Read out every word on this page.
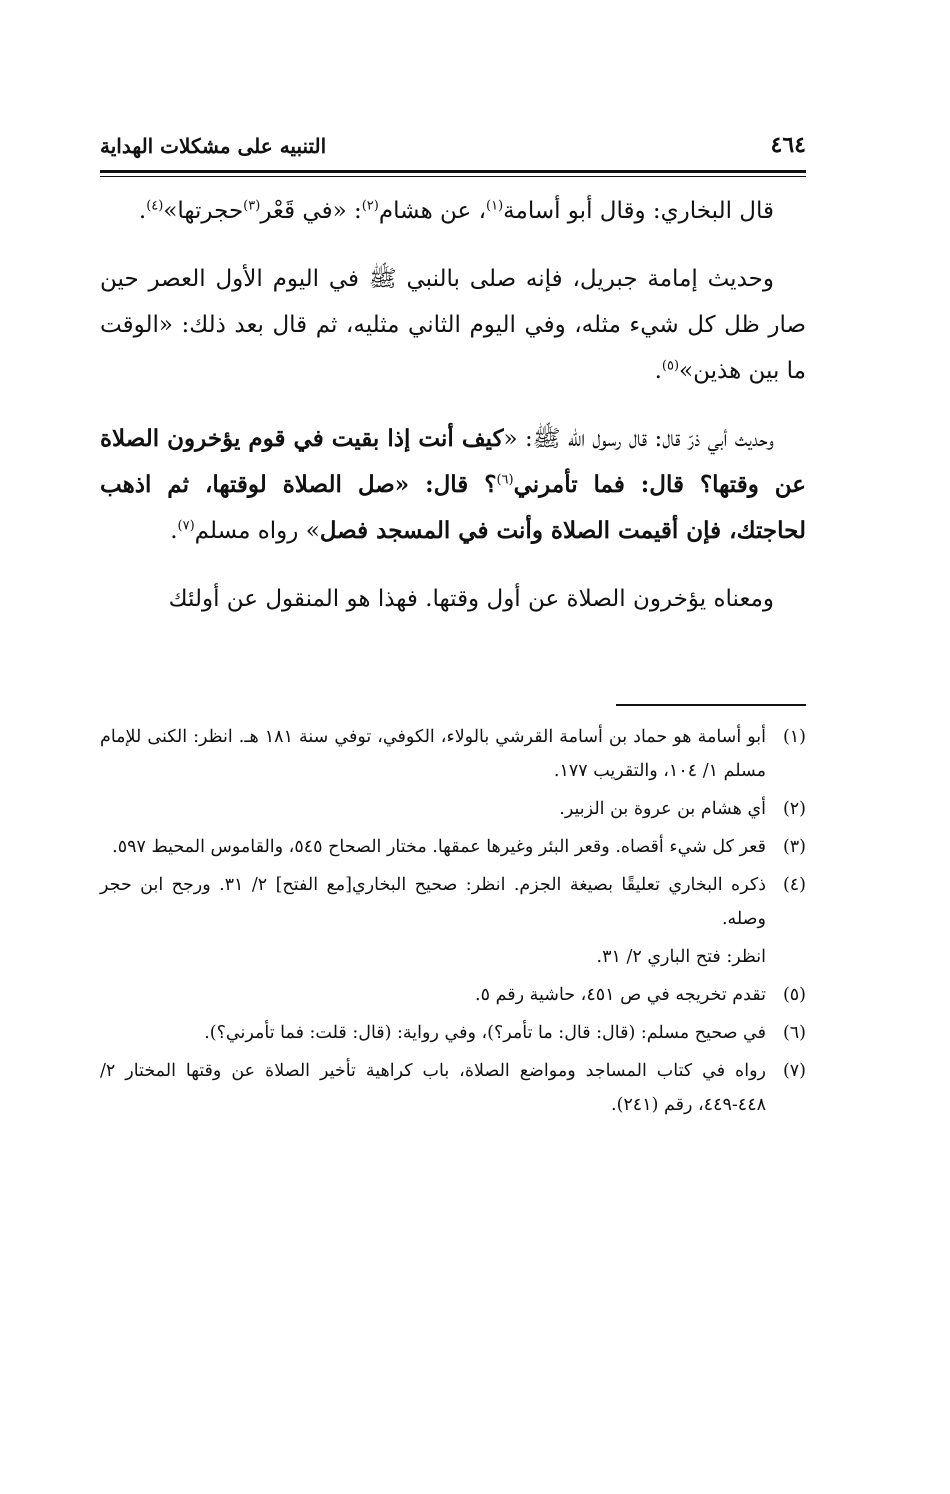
٤٦٤
التنبيه على مشكلات الهداية

قال البخاري: وقال أبو أسامة$^{(١)}$، عن هشام$^{(٢)}$: «في قَعْر$^{(٣)}$حجرتها»$^{(٤)}$.

وحديث إمامة جبريل، فإنه صلى بالنبي ﷺ في اليوم الأول العصر حين صار ظل كل شيء مثله، وفي اليوم الثاني مثليه، ثم قال بعد ذلك: «الوقت ما بين هذين»$^{(٥)}$.

وحديث أبي ذرّ قال: قال رسول الله ﷺ: «كيف أنت إذا بقيت في قوم يؤخرون الصلاة عن وقتها؟ قال: فما تأمرني$^{(٦)}$؟ قال: «صل الصلاة لوقتها، ثم اذهب لحاجتك، فإن أقيمت الصلاة وأنت في المسجد فصل» رواه مسلم$^{(٧)}$.

ومعناه يؤخرون الصلاة عن أول وقتها. فهذا هو المنقول عن أولئك

(١)
أبو أسامة هو حماد بن أسامة القرشي بالولاء، الكوفي، توفي سنة ١٨١ هـ. انظر: الكنى للإمام مسلم ١/ ١٠٤، والتقريب ١٧٧.
(٢)
أي هشام بن عروة بن الزبير.
(٣)
قعر كل شيء أقصاه. وقعر البئر وغيرها عمقها. مختار الصحاح ٥٤٥، والقاموس المحيط ٥٩٧.
(٤)
ذكره البخاري تعليقًا بصيغة الجزم. انظر: صحيح البخاري[مع الفتح] ٢/ ٣١. ورجح ابن حجر وصله.
انظر: فتح الباري ٢/ ٣١.
(٥)
تقدم تخريجه في ص ٤٥١، حاشية رقم ٥.
(٦)
في صحيح مسلم: (قال: قال: ما تأمر؟)، وفي رواية: (قال: قلت: فما تأمرني؟).
(٧)
رواه في كتاب المساجد ومواضع الصلاة، باب كراهية تأخير الصلاة عن وقتها المختار ٢/ ٤٤٨-٤٤٩، رقم (٢٤١).
